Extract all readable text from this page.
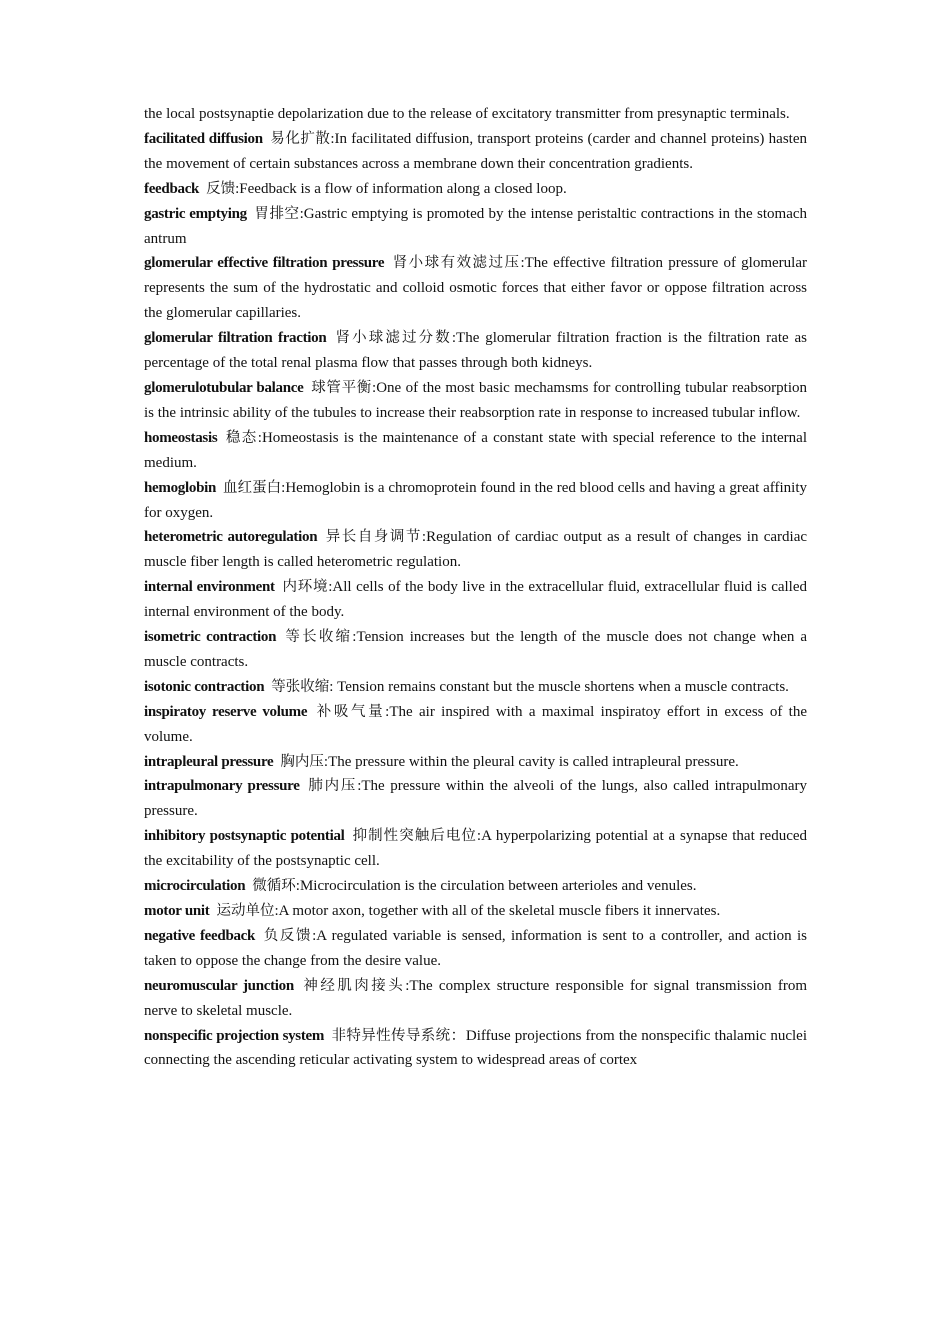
the local postsynaptie depolarization due to the release of excitatory transmitter from presynaptic terminals.

facilitated diffusion 易化扩散:In facilitated diffusion, transport proteins (carder and channel proteins) hasten the movement of certain substances across a membrane down their concentration gradients.

feedback 反馈:Feedback is a flow of information along a closed loop.

gastric emptying 胃排空:Gastric emptying is promoted by the intense peristaltic contractions in the stomach antrum

glomerular effective filtration pressure 肾小球有效滤过压:The effective filtration pressure of glomerular represents the sum of the hydrostatic and colloid osmotic forces that either favor or oppose filtration across the glomerular capillaries.

glomerular filtration fraction 肾小球滤过分数:The glomerular filtration fraction is the filtration rate as percentage of the total renal plasma flow that passes through both kidneys.

glomerulotubular balance 球管平衡:One of the most basic mechamsms for controlling tubular reabsorption is the intrinsic ability of the tubules to increase their reabsorption rate in response to increased tubular inflow.

homeostasis 稳态:Homeostasis is the maintenance of a constant state with special reference to the internal medium.

hemoglobin 血红蛋白:Hemoglobin is a chromoprotein found in the red blood cells and having a great affinity for oxygen.

heterometric autoregulation 异长自身调节:Regulation of cardiac output as a result of changes in cardiac muscle fiber length is called heterometric regulation.

internal environment 内环境:All cells of the body live in the extracellular fluid, extracellular fluid is called internal environment of the body.

isometric contraction 等长收缩:Tension increases but the length of the muscle does not change when a muscle contracts.

isotonic contraction 等张收缩: Tension remains constant but the muscle shortens when a muscle contracts.

inspiratoy reserve volume 补吸气量:The air inspired with a maximal inspiratoy effort in excess of the volume.

intrapleural pressure 胸内压:The pressure within the pleural cavity is called intrapleural pressure.

intrapulmonary pressure 肺内压:The pressure within the alveoli of the lungs, also called intrapulmonary pressure.

inhibitory postsynaptic potential 抑制性突触后电位:A hyperpolarizing potential at a synapse that reduced the excitability of the postsynaptic cell.

microcirculation 微循环:Microcirculation is the circulation between arterioles and venules.

motor unit 运动单位:A motor axon, together with all of the skeletal muscle fibers it innervates.

negative feedback 负反馈:A regulated variable is sensed, information is sent to a controller, and action is taken to oppose the change from the desire value.

neuromuscular junction 神经肌肉接头:The complex structure responsible for signal transmission from nerve to skeletal muscle.

nonspecific projection system 非特异性传导系统：Diffuse projections from the nonspecific thalamic nuclei connecting the ascending reticular activating system to widespread areas of cortex
